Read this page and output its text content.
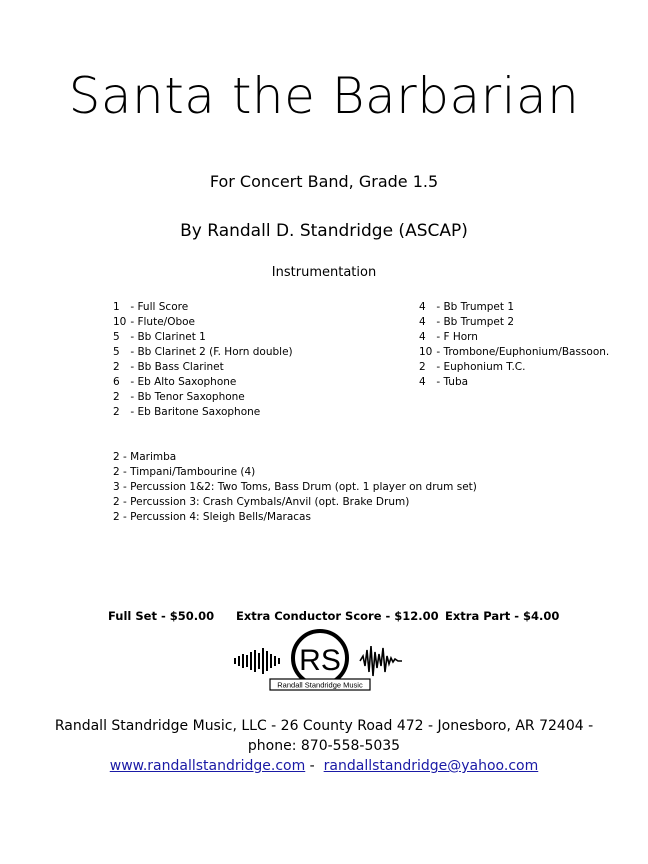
Santa the Barbarian
For Concert Band, Grade 1.5
By Randall D. Standridge (ASCAP)
Instrumentation
1 - Full Score
10 - Flute/Oboe
5 - Bb Clarinet 1
5 - Bb Clarinet 2 (F. Horn double)
2 - Bb Bass Clarinet
6 - Eb Alto Saxophone
2 - Bb Tenor Saxophone
2 - Eb Baritone Saxophone
4 - Bb Trumpet 1
4 - Bb Trumpet 2
4 - F Horn
10 - Trombone/Euphonium/Bassoon.
2 - Euphonium T.C.
4 - Tuba
2 - Marimba
2 - Timpani/Tambourine (4)
3 - Percussion 1&2: Two Toms, Bass Drum (opt. 1 player on drum set)
2 - Percussion 3: Crash Cymbals/Anvil (opt. Brake Drum)
2 - Percussion 4: Sleigh Bells/Maracas
Full Set - $50.00 Extra Conductor Score - $12.00 Extra Part - $4.00
RS
Randall Standridge Music
Randall Standridge Music, LLC - 26 County Road 472 - Jonesboro, AR 72404 -
phone: 870-558-5035
www.randallstandridge.com -  randallstandridge@yahoo.com
